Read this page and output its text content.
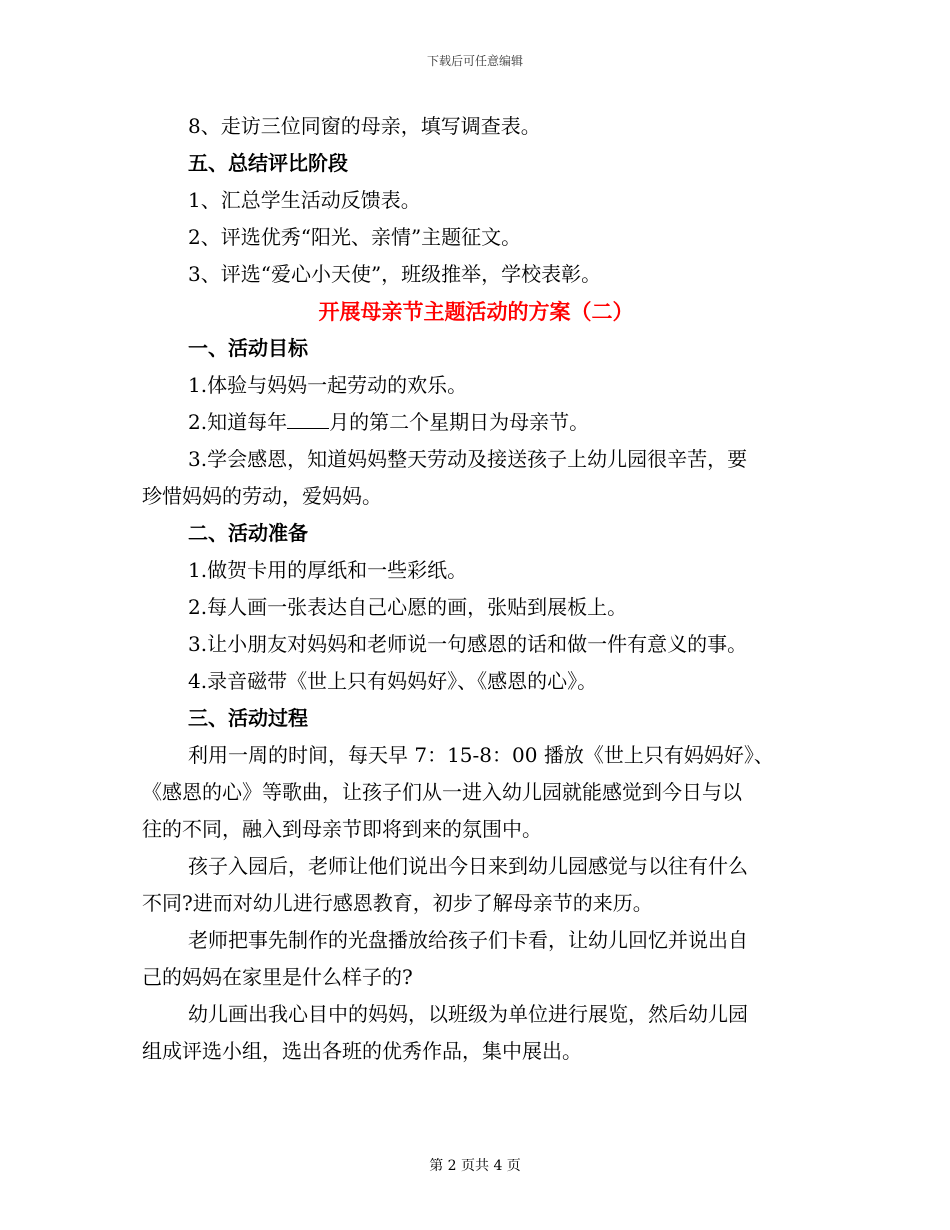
下载后可任意编辑
8、走访三位同窗的母亲，填写调查表。
五、总结评比阶段
1、汇总学生活动反馈表。
2、评选优秀“阳光、亲情”主题征文。
3、评选“爱心小天使”，班级推举，学校表彰。
开展母亲节主题活动的方案（二）
一、活动目标
1.体验与妈妈一起劳动的欢乐。
2.知道每年 月的第二个星期日为母亲节。
3.学会感恩，知道妈妈整天劳动及接送孩子上幼儿园很辛苦，要
珍惜妈妈的劳动，爱妈妈。
二、活动准备
1.做贺卡用的厚纸和一些彩纸。
2.每人画一张表达自己心愿的画，张贴到展板上。
3.让小朋友对妈妈和老师说一句感恩的话和做一件有意义的事。
4.录音磁带《世上只有妈妈好》、《感恩的心》。
三、活动过程
利用一周的时间，每天早 7：15-8：00 播放《世上只有妈妈好》、
《感恩的心》等歌曲，让孩子们从一进入幼儿园就能感觉到今日与以
往的不同，融入到母亲节即将到来的氛围中。
孩子入园后，老师让他们说出今日来到幼儿园感觉与以往有什么
不同?进而对幼儿进行感恩教育，初步了解母亲节的来历。
老师把事先制作的光盘播放给孩子们卡看，让幼儿回忆并说出自
己的妈妈在家里是什么样子的?
幼儿画出我心目中的妈妈，以班级为单位进行展览，然后幼儿园
组成评选小组，选出各班的优秀作品，集中展出。
第 2 页共 4 页
